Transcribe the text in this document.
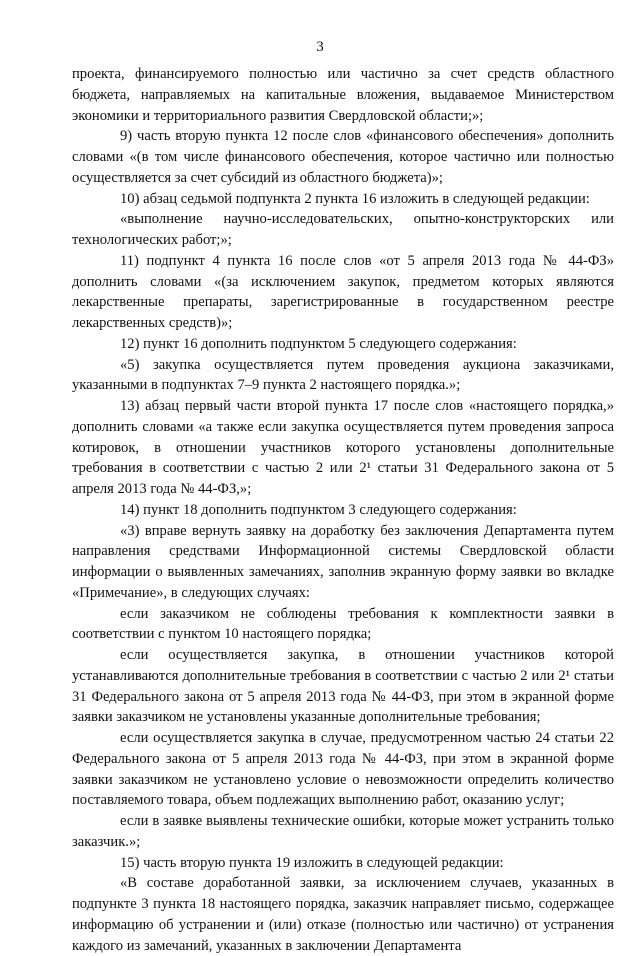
3

проекта, финансируемого полностью или частично за счет средств областного бюджета, направляемых на капитальные вложения, выдаваемое Министерством экономики и территориального развития Свердловской области;»;

9) часть вторую пункта 12 после слов «финансового обеспечения» дополнить словами «(в том числе финансового обеспечения, которое частично или полностью осуществляется за счет субсидий из областного бюджета)»;

10) абзац седьмой подпункта 2 пункта 16 изложить в следующей редакции:

«выполнение научно-исследовательских, опытно-конструкторских или технологических работ;»;

11) подпункт 4 пункта 16 после слов «от 5 апреля 2013 года № 44-ФЗ» дополнить словами «(за исключением закупок, предметом которых являются лекарственные препараты, зарегистрированные в государственном реестре лекарственных средств)»;

12) пункт 16 дополнить подпунктом 5 следующего содержания:

«5) закупка осуществляется путем проведения аукциона заказчиками, указанными в подпунктах 7–9 пункта 2 настоящего порядка.»;

13) абзац первый части второй пункта 17 после слов «настоящего порядка,» дополнить словами «а также если закупка осуществляется путем проведения запроса котировок, в отношении участников которого установлены дополнительные требования в соответствии с частью 2 или 2¹ статьи 31 Федерального закона от 5 апреля 2013 года № 44-ФЗ,»;

14) пункт 18 дополнить подпунктом 3 следующего содержания:

«3) вправе вернуть заявку на доработку без заключения Департамента путем направления средствами Информационной системы Свердловской области информации о выявленных замечаниях, заполнив экранную форму заявки во вкладке «Примечание», в следующих случаях:

если заказчиком не соблюдены требования к комплектности заявки в соответствии с пунктом 10 настоящего порядка;

если осуществляется закупка, в отношении участников которой устанавливаются дополнительные требования в соответствии с частью 2 или 2¹ статьи 31 Федерального закона от 5 апреля 2013 года № 44-ФЗ, при этом в экранной форме заявки заказчиком не установлены указанные дополнительные требования;

если осуществляется закупка в случае, предусмотренном частью 24 статьи 22 Федерального закона от 5 апреля 2013 года № 44-ФЗ, при этом в экранной форме заявки заказчиком не установлено условие о невозможности определить количество поставляемого товара, объем подлежащих выполнению работ, оказанию услуг;

если в заявке выявлены технические ошибки, которые может устранить только заказчик.»;

15) часть вторую пункта 19 изложить в следующей редакции:

«В составе доработанной заявки, за исключением случаев, указанных в подпункте 3 пункта 18 настоящего порядка, заказчик направляет письмо, содержащее информацию об устранении и (или) отказе (полностью или частично) от устранения каждого из замечаний, указанных в заключении Департамента
